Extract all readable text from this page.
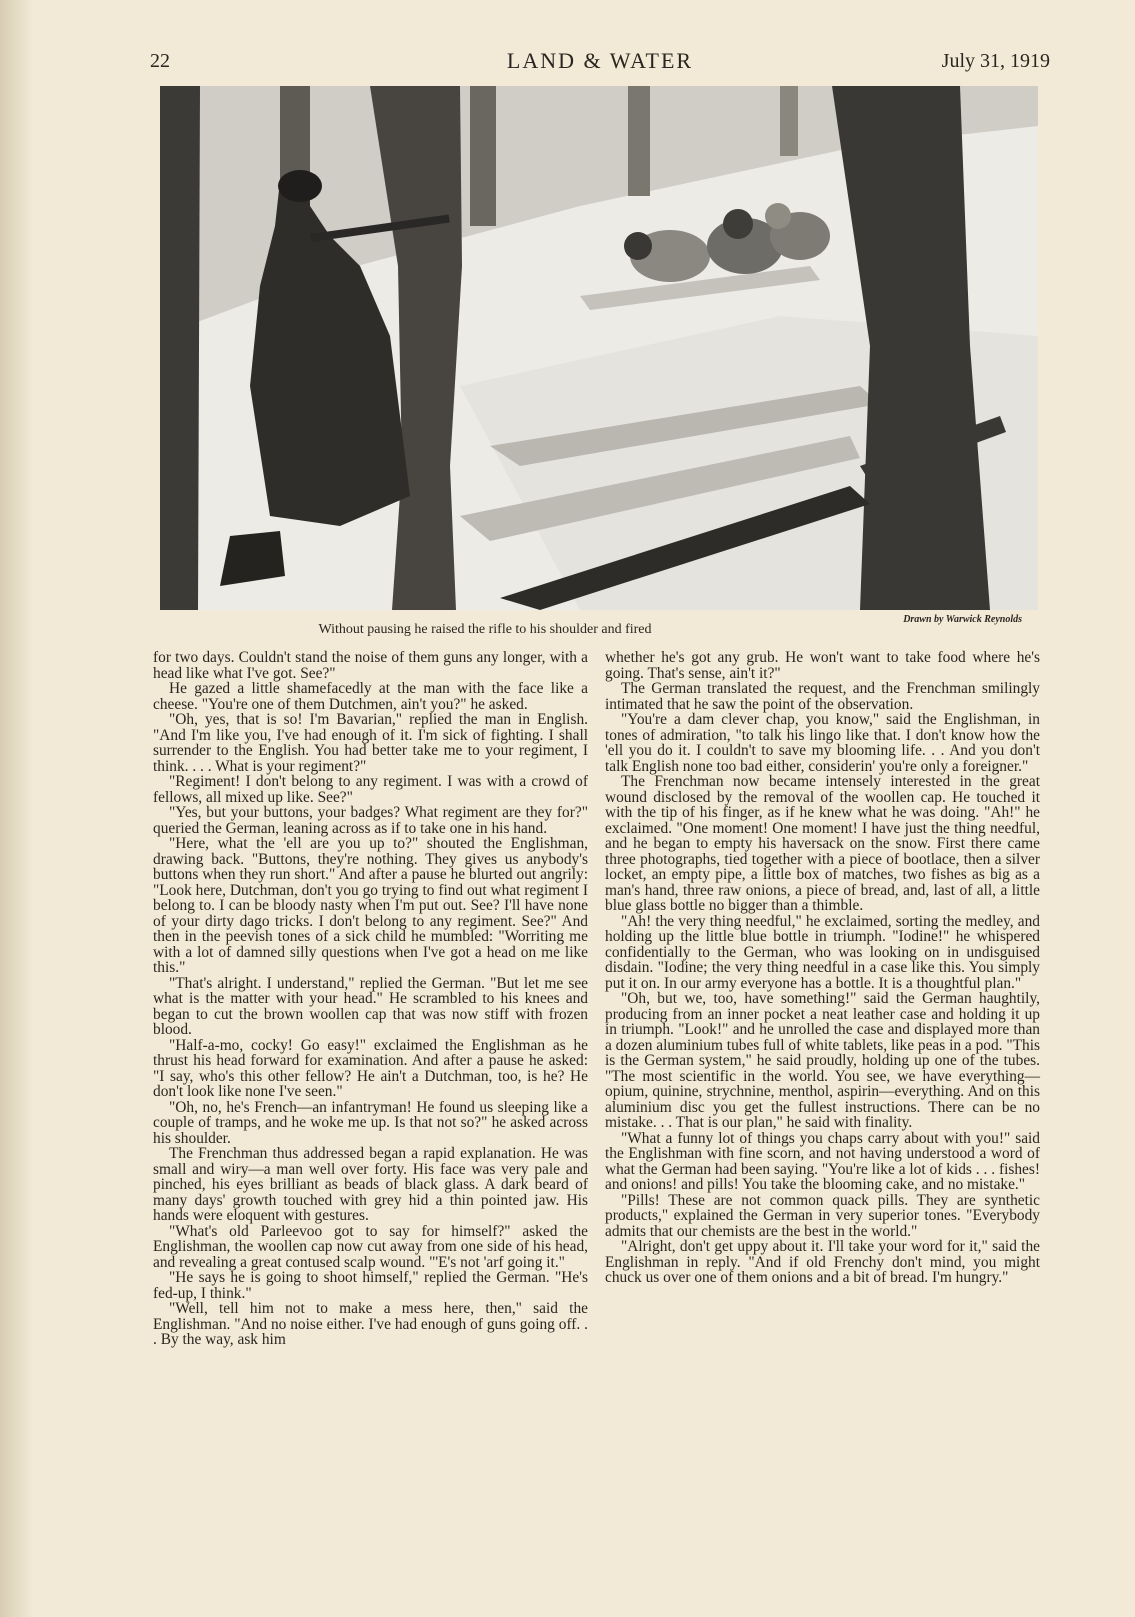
22	LAND & WATER	July 31, 1919
Without pausing he raised the rifle to his shoulder and fired
Drawn by Warwick Reynolds

for two days. Couldn't stand the noise of them guns any longer, with a head like what I've got. See?"

He gazed a little shamefacedly at the man with the face like a cheese. "You're one of them Dutchmen, ain't you?" he asked.

"Oh, yes, that is so! I'm Bavarian," replied the man in English. "And I'm like you, I've had enough of it. I'm sick of fighting. I shall surrender to the English. You had better take me to your regiment, I think. . . . What is your regiment?"

"Regiment! I don't belong to any regiment. I was with a crowd of fellows, all mixed up like. See?"

"Yes, but your buttons, your badges? What regiment are they for?" queried the German, leaning across as if to take one in his hand.

"Here, what the 'ell are you up to?" shouted the Englishman, drawing back. "Buttons, they're nothing. They gives us anybody's buttons when they run short." And after a pause he blurted out angrily: "Look here, Dutchman, don't you go trying to find out what regiment I belong to. I can be bloody nasty when I'm put out. See? I'll have none of your dirty dago tricks. I don't belong to any regiment. See?" And then in the peevish tones of a sick child he mumbled: "Worriting me with a lot of damned silly questions when I've got a head on me like this."

"That's alright. I understand," replied the German. "But let me see what is the matter with your head." He scrambled to his knees and began to cut the brown woollen cap that was now stiff with frozen blood.

"Half-a-mo, cocky! Go easy!" exclaimed the Englishman as he thrust his head forward for examination. And after a pause he asked: "I say, who's this other fellow? He ain't a Dutchman, too, is he? He don't look like none I've seen."

"Oh, no, he's French—an infantryman! He found us sleeping like a couple of tramps, and he woke me up. Is that not so?" he asked across his shoulder.

The Frenchman thus addressed began a rapid explanation. He was small and wiry—a man well over forty. His face was very pale and pinched, his eyes brilliant as beads of black glass. A dark beard of many days' growth touched with grey hid a thin pointed jaw. His hands were eloquent with gestures.

"What's old Parleevoo got to say for himself?" asked the Englishman, the woollen cap now cut away from one side of his head, and revealing a great contused scalp wound. "'E's not 'arf going it."

"He says he is going to shoot himself," replied the German. "He's fed-up, I think."

"Well, tell him not to make a mess here, then," said the Englishman. "And no noise either. I've had enough of guns going off. . . By the way, ask him

whether he's got any grub. He won't want to take food where he's going. That's sense, ain't it?"

The German translated the request, and the Frenchman smilingly intimated that he saw the point of the observation.

"You're a dam clever chap, you know," said the Englishman, in tones of admiration, "to talk his lingo like that. I don't know how the 'ell you do it. I couldn't to save my blooming life. . . And you don't talk English none too bad either, considerin' you're only a foreigner."

The Frenchman now became intensely interested in the great wound disclosed by the removal of the woollen cap. He touched it with the tip of his finger, as if he knew what he was doing. "Ah!" he exclaimed. "One moment! One moment! I have just the thing needful, and he began to empty his haversack on the snow. First there came three photographs, tied together with a piece of bootlace, then a silver locket, an empty pipe, a little box of matches, two fishes as big as a man's hand, three raw onions, a piece of bread, and, last of all, a little blue glass bottle no bigger than a thimble.

"Ah! the very thing needful," he exclaimed, sorting the medley, and holding up the little blue bottle in triumph. "Iodine!" he whispered confidentially to the German, who was looking on in undisguised disdain. "Iodine; the very thing needful in a case like this. You simply put it on. In our army everyone has a bottle. It is a thoughtful plan."

"Oh, but we, too, have something!" said the German haughtily, producing from an inner pocket a neat leather case and holding it up in triumph. "Look!" and he unrolled the case and displayed more than a dozen aluminium tubes full of white tablets, like peas in a pod. "This is the German system," he said proudly, holding up one of the tubes. "The most scientific in the world. You see, we have everything—opium, quinine, strychnine, menthol, aspirin—everything. And on this aluminium disc you get the fullest instructions. There can be no mistake. . . That is our plan," he said with finality.

"What a funny lot of things you chaps carry about with you!" said the Englishman with fine scorn, and not having understood a word of what the German had been saying. "You're like a lot of kids . . . fishes! and onions! and pills! You take the blooming cake, and no mistake."

"Pills! These are not common quack pills. They are synthetic products," explained the German in very superior tones. "Everybody admits that our chemists are the best in the world."

"Alright, don't get uppy about it. I'll take your word for it," said the Englishman in reply. "And if old Frenchy don't mind, you might chuck us over one of them onions and a bit of bread. I'm hungry."
